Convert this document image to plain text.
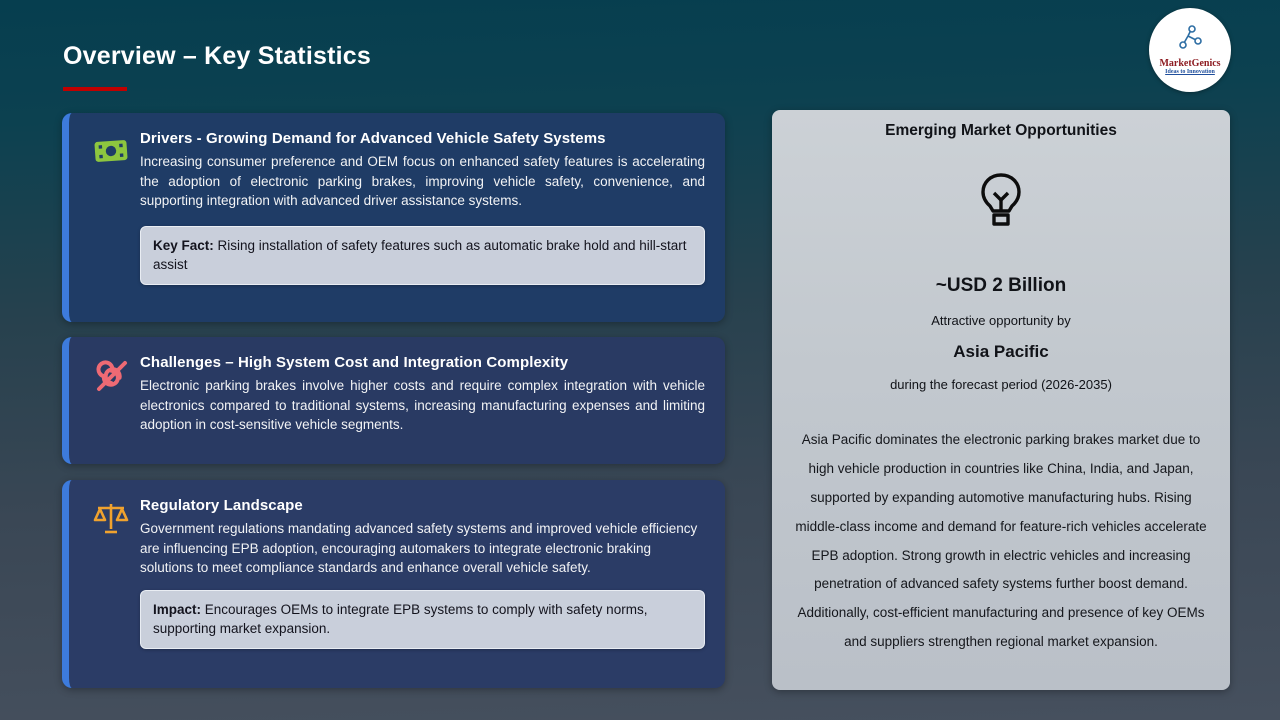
Overview – Key Statistics	MarketGenics
Ideas to Innovation
Drivers - Growing Demand for Advanced Vehicle Safety Systems
Increasing consumer preference and OEM focus on enhanced safety features is accelerating the adoption of electronic parking brakes, improving vehicle safety, convenience, and supporting integration with advanced driver assistance systems.
Key Fact: Rising installation of safety features such as automatic brake hold and hill-start assist
Challenges – High System Cost and Integration Complexity
Electronic parking brakes involve higher costs and require complex integration with vehicle electronics compared to traditional systems, increasing manufacturing expenses and limiting adoption in cost-sensitive vehicle segments.
Regulatory Landscape
Government regulations mandating advanced safety systems and improved vehicle efficiency are influencing EPB adoption, encouraging automakers to integrate electronic braking solutions to meet compliance standards and enhance overall vehicle safety.
Impact: Encourages OEMs to integrate EPB systems to comply with safety norms, supporting market expansion.
Emerging Market Opportunities
~USD 2 Billion
Attractive opportunity by
Asia Pacific
during the forecast period (2026-2035)
Asia Pacific dominates the electronic parking brakes market due to high vehicle production in countries like China, India, and Japan, supported by expanding automotive manufacturing hubs. Rising middle-class income and demand for feature-rich vehicles accelerate EPB adoption. Strong growth in electric vehicles and increasing penetration of advanced safety systems further boost demand. Additionally, cost-efficient manufacturing and presence of key OEMs and suppliers strengthen regional market expansion.
